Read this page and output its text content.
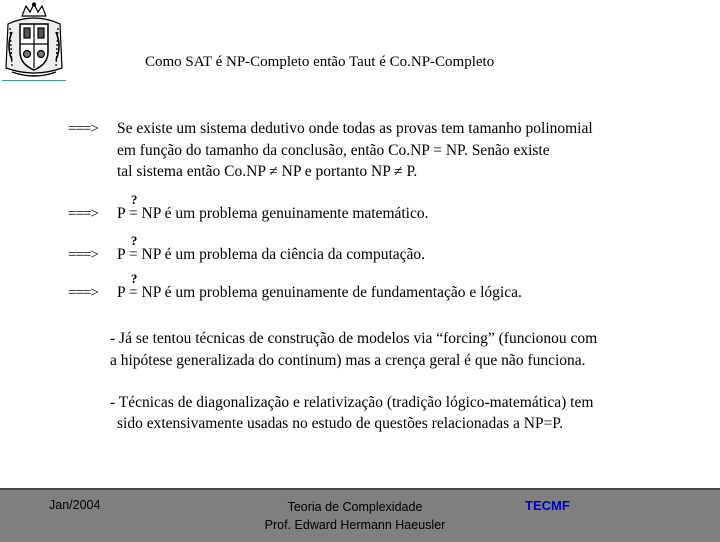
Como SAT é NP-Completo então Taut é Co.NP-Completo
===> Se existe um sistema dedutivo onde todas as provas tem tamanho polinomial
em função do tamanho da conclusão, então Co.NP = NP. Senão existe
tal sistema então Co.NP ≠ NP e portanto NP ≠ P.
===> P
?
= NP é um problema genuinamente matemático.
===> P
?
= NP é um problema da ciência da computação.
===> P
?
= NP é um problema genuinamente de fundamentação e lógica.
- Já se tentou técnicas de construção de modelos via “forcing” (funcionou com
a hipótese generalizada do continum) mas a crença geral é que não funciona.
- Técnicas de diagonalização e relativização (tradição lógico-matemática) tem
sido extensivamente usadas no estudo de questões relacionadas a NP=P.
Jan/2004	Teoria de Complexidade
Prof. Edward Hermann Haeusler
TECMF
